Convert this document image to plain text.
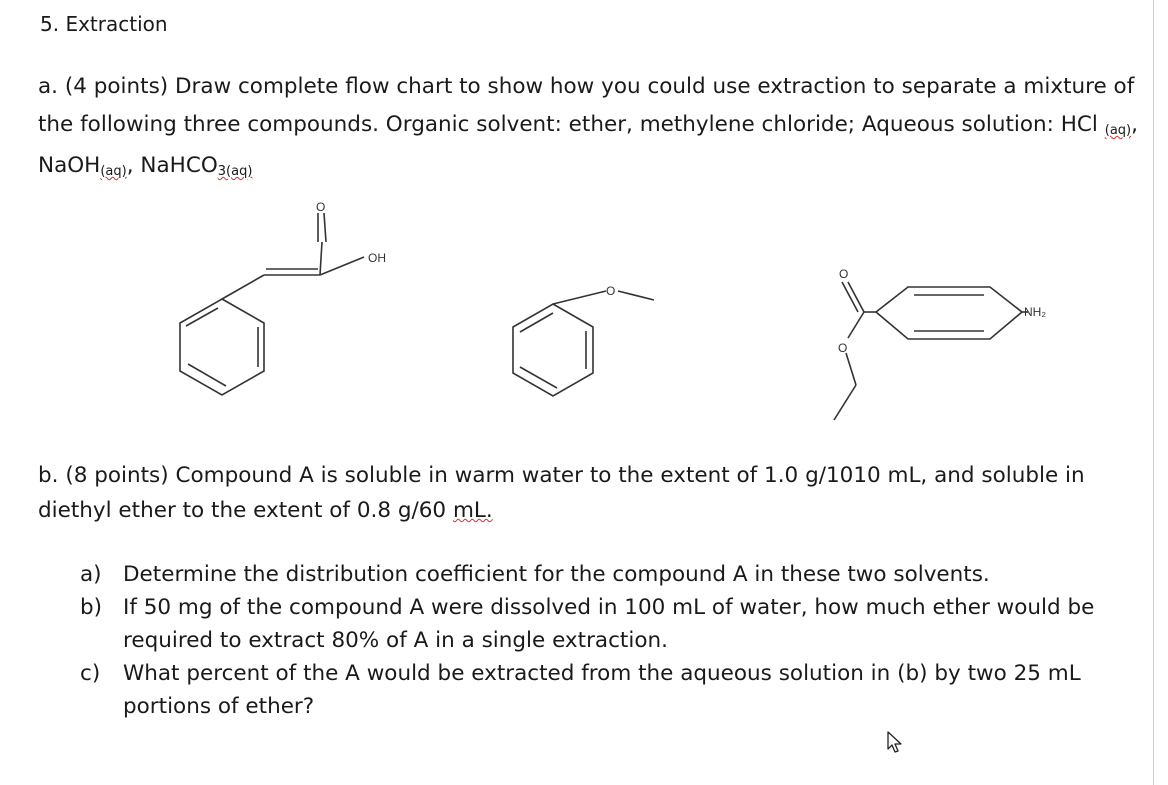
5. Extraction
a. (4 points) Draw complete flow chart to show how you could use extraction to separate a mixture of the following three compounds. Organic solvent: ether, methylene chloride; Aqueous solution: HCl (aq), NaOH(aq), NaHCO3(aq)
O
OH
O
O
O
NH₂
b. (8 points) Compound A is soluble in warm water to the extent of 1.0 g/1010 mL, and soluble in diethyl ether to the extent of 0.8 g/60 mL.
a) Determine the distribution coefficient for the compound A in these two solvents.
b) If 50 mg of the compound A were dissolved in 100 mL of water, how much ether would be required to extract 80% of A in a single extraction.
c) What percent of the A would be extracted from the aqueous solution in (b) by two 25 mL portions of ether?
